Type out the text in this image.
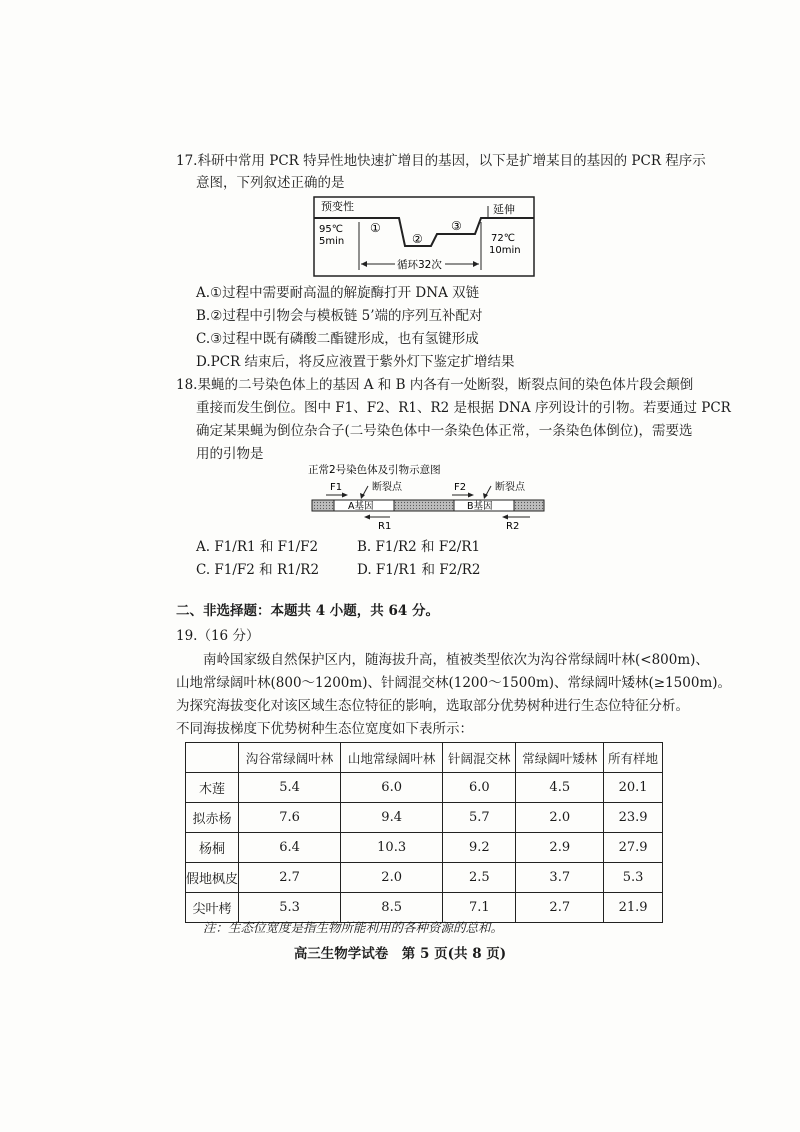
17.科研中常用 PCR 特异性地快速扩增目的基因，以下是扩增某目的基因的 PCR 程序示
意图，下列叙述正确的是
预变性
95℃
5min
①
②
③
延伸
72℃
10min
循环32次
A.①过程中需要耐高温的解旋酶打开 DNA 双链
B.②过程中引物会与模板链 5’端的序列互补配对
C.③过程中既有磷酸二酯键形成，也有氢键形成
D.PCR 结束后，将反应液置于紫外灯下鉴定扩增结果
18.果蝇的二号染色体上的基因 A 和 B 内各有一处断裂，断裂点间的染色体片段会颠倒
重接而发生倒位。图中 F1、F2、R1、R2 是根据 DNA 序列设计的引物。若要通过 PCR
确定某果蝇为倒位杂合子(二号染色体中一条染色体正常，一条染色体倒位)，需要选
用的引物是
正常2号染色体及引物示意图
A基因	B基因
F1	断裂点	F2	断裂点
R1	R2
A. F1/R1 和 F1/F2	B. F1/R2 和 F2/R1
C. F1/F2 和 R1/R2	D. F1/R1 和 F2/R2
二、非选择题：本题共 4 小题，共 64 分。
19.（16 分）
南岭国家级自然保护区内，随海拔升高，植被类型依次为沟谷常绿阔叶林(<800m)、
山地常绿阔叶林(800～1200m)、针阔混交林(1200～1500m)、常绿阔叶矮林(≥1500m)。
为探究海拔变化对该区域生态位特征的影响，选取部分优势树种进行生态位特征分析。
不同海拔梯度下优势树种生态位宽度如下表所示：
	沟谷常绿阔叶林	山地常绿阔叶林	针阔混交林	常绿阔叶矮林	所有样地
木莲	5.4	6.0	6.0	4.5	20.1
拟赤杨	7.6	9.4	5.7	2.0	23.9
杨桐	6.4	10.3	9.2	2.9	27.9
假地枫皮	2.7	2.0	2.5	3.7	5.3
尖叶栲	5.3	8.5	7.1	2.7	21.9
注：生态位宽度是指生物所能利用的各种资源的总和。
高三生物学试卷　第 5 页(共 8 页)
